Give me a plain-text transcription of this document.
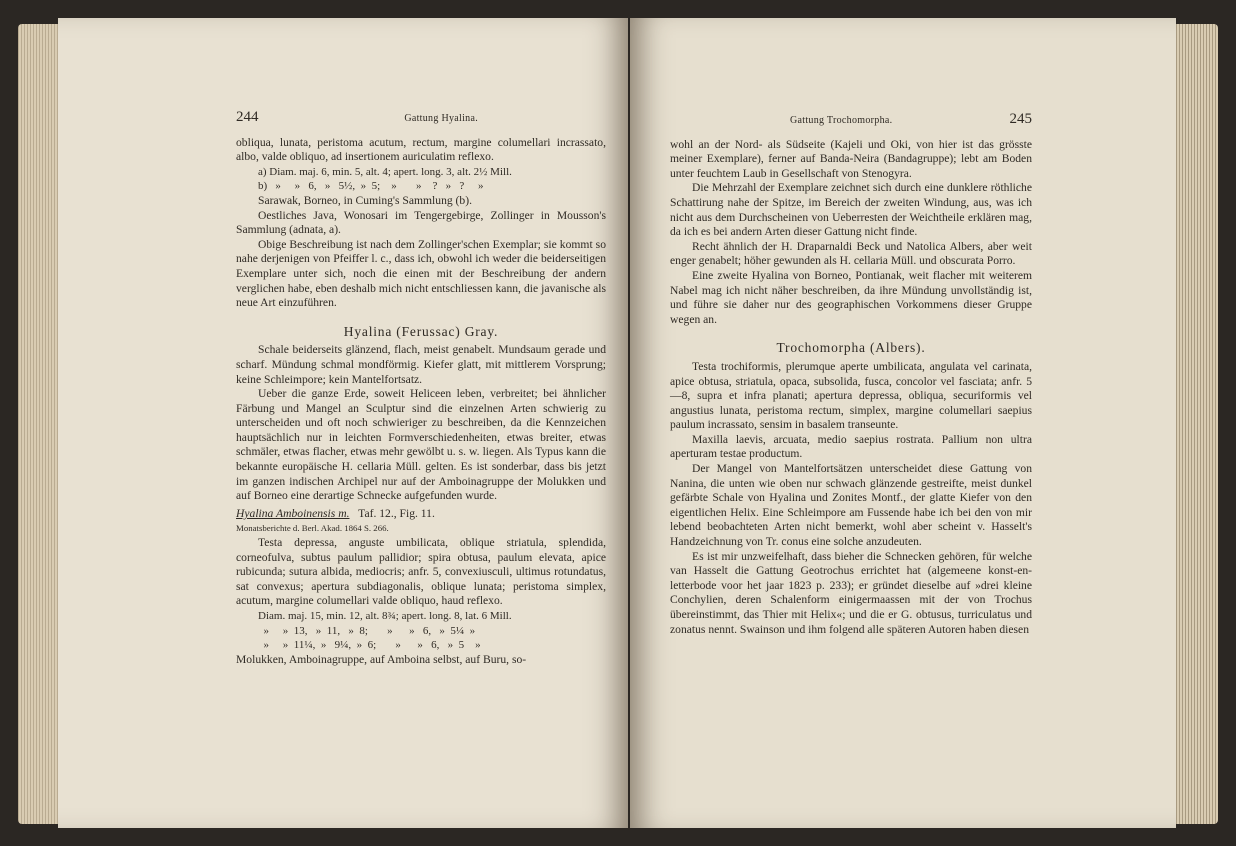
244	Gattung Hyalina.

obliqua, lunata, peristoma acutum, rectum, margine columellari incrassato, albo, valde obliquo, ad insertionem auriculatim reflexo.

a) Diam. maj. 6, min. 5, alt. 4; apert. long. 3, alt. 2½ Mill.
b)   »     »   6,   »   5½,  »  5;    »       »    ?   »   ?     »

Sarawak, Borneo, in Cuming's Sammlung (b).

Oestliches Java, Wonosari im Tengergebirge, Zollinger in Mousson's Sammlung (adnata, a).

Obige Beschreibung ist nach dem Zollinger'schen Exemplar; sie kommt so nahe derjenigen von Pfeiffer l. c., dass ich, obwohl ich weder die beiderseitigen Exemplare unter sich, noch die einen mit der Beschreibung der andern verglichen habe, eben deshalb mich nicht entschliessen kann, die javanische als neue Art einzuführen.

Hyalina (Ferussac) Gray.

Schale beiderseits glänzend, flach, meist genabelt. Mundsaum gerade und scharf. Mündung schmal mondförmig. Kiefer glatt, mit mittlerem Vorsprung; keine Schleimpore; kein Mantelfortsatz.

Ueber die ganze Erde, soweit Heliceen leben, verbreitet; bei ähnlicher Färbung und Mangel an Sculptur sind die einzelnen Arten schwierig zu unterscheiden und oft noch schwieriger zu beschreiben, da die Kennzeichen hauptsächlich nur in leichten Formverschiedenheiten, etwas breiter, etwas schmäler, etwas flacher, etwas mehr gewölbt u. s. w. liegen. Als Typus kann die bekannte europäische H. cellaria Müll. gelten. Es ist sonderbar, dass bis jetzt im ganzen indischen Archipel nur auf der Amboinagruppe der Molukken und auf Borneo eine derartige Schnecke aufgefunden wurde.

Hyalina Amboinensis m. Taf. 12., Fig. 11.

Monatsberichte d. Berl. Akad. 1864 S. 266.

Testa depressa, anguste umbilicata, oblique striatula, splendida, corneofulva, subtus paulum pallidior; spira obtusa, paulum elevata, apice rubicunda; sutura albida, mediocris; anfr. 5, convexiusculi, ultimus rotundatus, sat convexus; apertura subdiagonalis, oblique lunata; peristoma simplex, acutum, margine columellari valde obliquo, haud reflexo.

Diam. maj. 15, min. 12, alt. 8¾; apert. long. 8, lat. 6 Mill.
»     »  13,   »  11,   »  8;       »      »   6,   »  5¼  »
»     »  11¼,  »   9¼,  »  6;       »      »   6,   »  5    »

Molukken, Amboinagruppe, auf Amboina selbst, auf Buru, so-

Gattung Trochomorpha.	245

wohl an der Nord- als Südseite (Kajeli und Oki, von hier ist das grösste meiner Exemplare), ferner auf Banda-Neira (Bandagruppe); lebt am Boden unter feuchtem Laub in Gesellschaft von Stenogyra.

Die Mehrzahl der Exemplare zeichnet sich durch eine dunklere röthliche Schattirung nahe der Spitze, im Bereich der zweiten Windung, aus, was ich nicht aus dem Durchscheinen von Ueberresten der Weichtheile erklären mag, da ich es bei andern Arten dieser Gattung nicht finde.

Recht ähnlich der H. Draparnaldi Beck und Natolica Albers, aber weit enger genabelt; höher gewunden als H. cellaria Müll. und obscurata Porro.

Eine zweite Hyalina von Borneo, Pontianak, weit flacher mit weiterem Nabel mag ich nicht näher beschreiben, da ihre Mündung unvollständig ist, und führe sie daher nur des geographischen Vorkommens dieser Gruppe wegen an.

Trochomorpha (Albers).

Testa trochiformis, plerumque aperte umbilicata, angulata vel carinata, apice obtusa, striatula, opaca, subsolida, fusca, concolor vel fasciata; anfr. 5—8, supra et infra planati; apertura depressa, obliqua, securiformis vel angustius lunata, peristoma rectum, simplex, margine columellari saepius paulum incrassato, sensim in basalem transeunte.

Maxilla laevis, arcuata, medio saepius rostrata. Pallium non ultra aperturam testae productum.

Der Mangel von Mantelfortsätzen unterscheidet diese Gattung von Nanina, die unten wie oben nur schwach glänzende gestreifte, meist dunkel gefärbte Schale von Hyalina und Zonites Montf., der glatte Kiefer von den eigentlichen Helix. Eine Schleimpore am Fussende habe ich bei den von mir lebend beobachteten Arten nicht bemerkt, wohl aber scheint v. Hasselt's Handzeichnung von Tr. conus eine solche anzudeuten.

Es ist mir unzweifelhaft, dass bieher die Schnecken gehören, für welche van Hasselt die Gattung Geotrochus errichtet hat (algemeene konst-en-letterbode voor het jaar 1823 p. 233); er gründet dieselbe auf »drei kleine Conchylien, deren Schalenform einigermaassen mit der von Trochus übereinstimmt, das Thier mit Helix«; und die er G. obtusus, turriculatus und zonatus nennt. Swainson und ihm folgend alle späteren Autoren haben diesen
